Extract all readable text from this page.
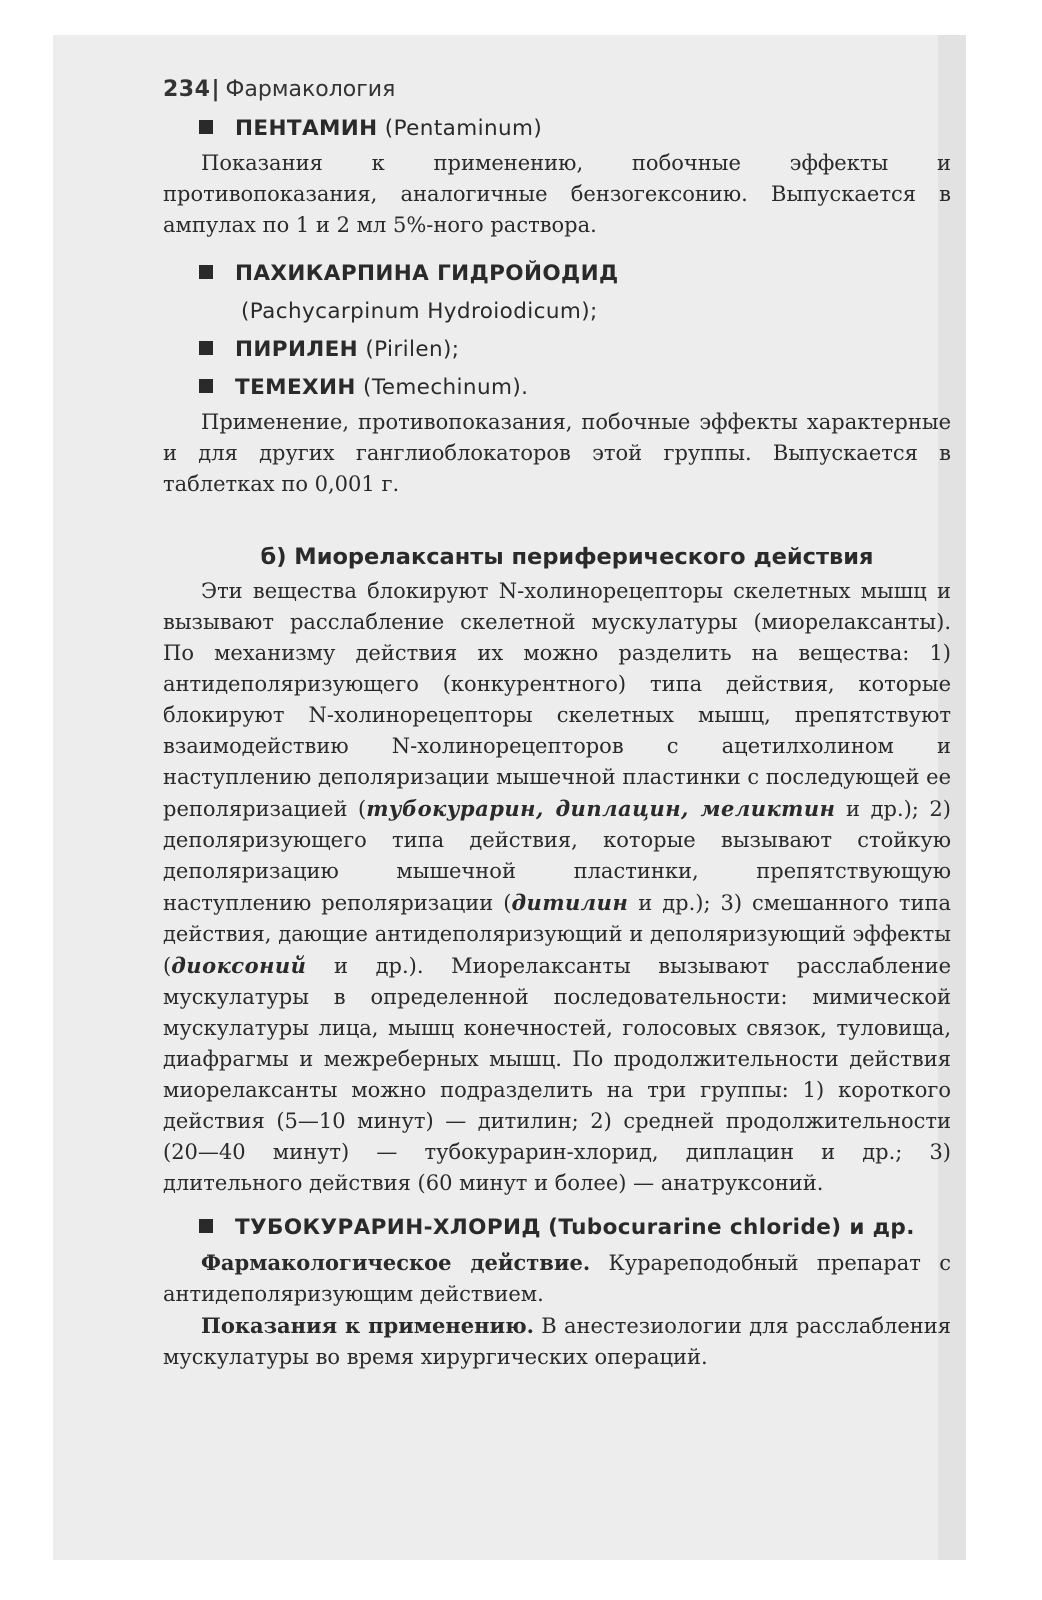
234| Фармакология
ПЕНТАМИН (Pentaminum)

Показания к применению, побочные эффекты и противопоказания, аналогичные бензогексонию. Выпускается в ампулах по 1 и 2 мл 5%-ного раствора.

ПАХИКАРПИНА ГИДРОЙОДИД
(Pachycarpinum Hydroiodicum);
ПИРИЛЕН (Pirilen);
ТЕМЕХИН (Temechinum).

Применение, противопоказания, побочные эффекты характерные и для других ганглиоблокаторов этой группы. Выпускается в таблетках по 0,001 г.

б) Миорелаксанты периферического действия

Эти вещества блокируют N-холинорецепторы скелетных мышц и вызывают расслабление скелетной мускулатуры (миорелаксанты). По механизму действия их можно разделить на вещества: 1) антидеполяризующего (конкурентного) типа действия, которые блокируют N-холинорецепторы скелетных мышц, препятствуют взаимодействию N-холинорецепторов с ацетилхолином и наступлению деполяризации мышечной пластинки с последующей ее реполяризацией (тубокурарин, диплацин, меликтин и др.); 2) деполяризующего типа действия, которые вызывают стойкую деполяризацию мышечной пластинки, препятствующую наступлению реполяризации (дитилин и др.); 3) смешанного типа действия, дающие антидеполяризующий и деполяризующий эффекты (диоксоний и др.). Миорелаксанты вызывают расслабление мускулатуры в определенной последовательности: мимической мускулатуры лица, мышц конечностей, голосовых связок, туловища, диафрагмы и межреберных мышц. По продолжительности действия миорелаксанты можно подразделить на три группы: 1) короткого действия (5—10 минут) — дитилин; 2) средней продолжительности (20—40 минут) — тубокурарин-хлорид, диплацин и др.; 3) длительного действия (60 минут и более) — анатруксоний.

ТУБОКУРАРИН-ХЛОРИД (Tubocurarine chloride) и др.

Фармакологическое действие. Курареподобный препарат с антидеполяризующим действием.

Показания к применению. В анестезиологии для расслабления мускулатуры во время хирургических операций.
